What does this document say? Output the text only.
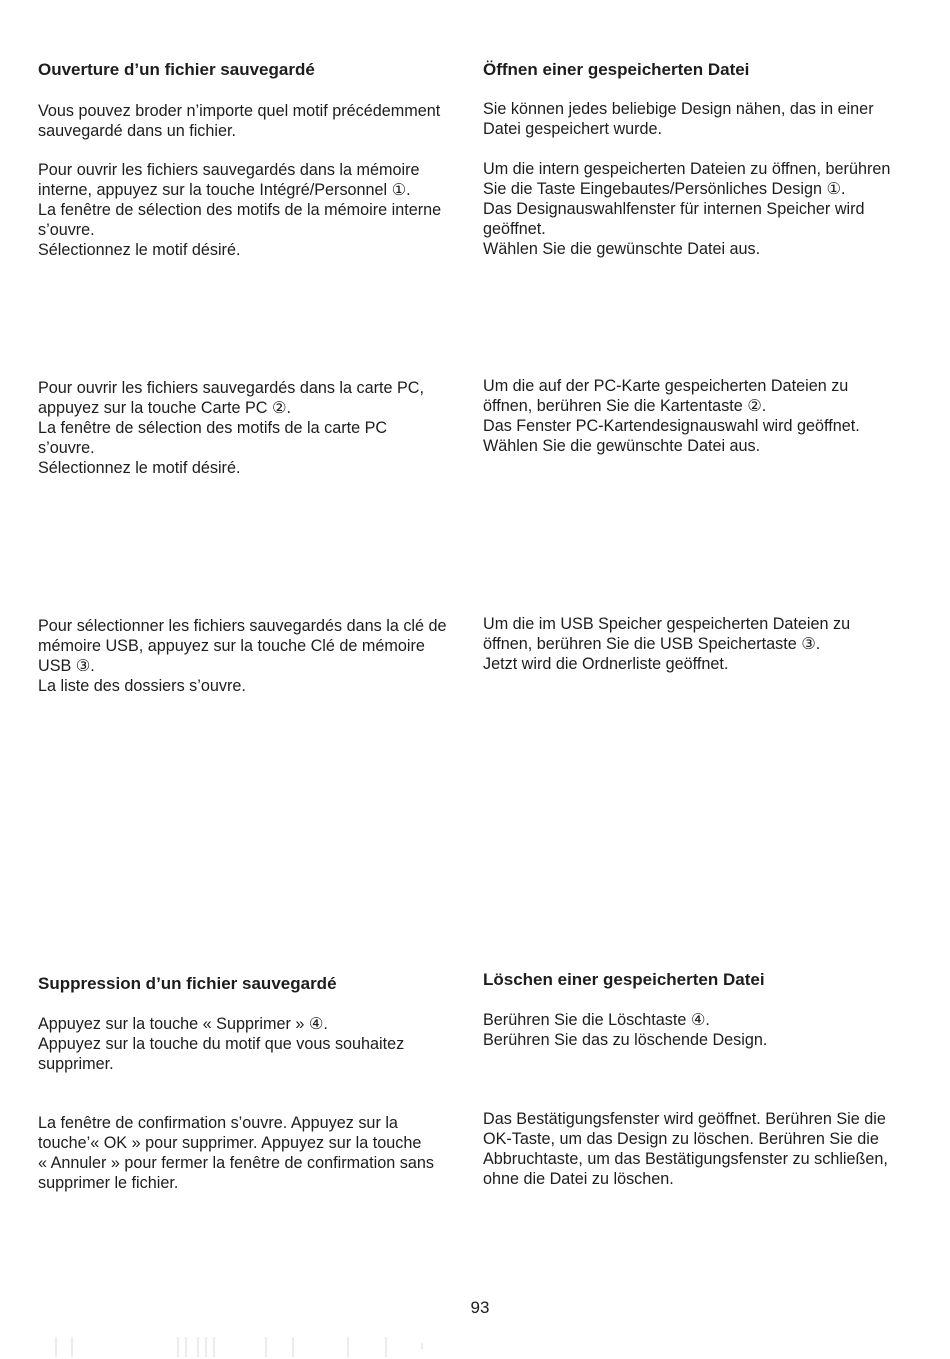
Ouverture d’un fichier sauvegardé
Vous pouvez broder n’importe quel motif précédemment
sauvegardé dans un fichier.
Pour ouvrir les fichiers sauvegardés dans la mémoire
interne, appuyez sur la touche Intégré/Personnel ①.
La fenêtre de sélection des motifs de la mémoire interne
s’ouvre.
Sélectionnez le motif désiré.
Pour ouvrir les fichiers sauvegardés dans la carte PC,
appuyez sur la touche Carte PC ②.
La fenêtre de sélection des motifs de la carte PC
s’ouvre.
Sélectionnez le motif désiré.
Pour sélectionner les fichiers sauvegardés dans la clé de
mémoire USB, appuyez sur la touche Clé de mémoire
USB ③.
La liste des dossiers s’ouvre.
Suppression d’un fichier sauvegardé
Appuyez sur la touche « Supprimer » ④.
Appuyez sur la touche du motif que vous souhaitez
supprimer.
La fenêtre de confirmation s’ouvre. Appuyez sur la
touche’« OK » pour supprimer. Appuyez sur la touche
« Annuler » pour fermer la fenêtre de confirmation sans
supprimer le fichier.
Öffnen einer gespeicherten Datei
Sie können jedes beliebige Design nähen, das in einer
Datei gespeichert wurde.
Um die intern gespeicherten Dateien zu öffnen, berühren
Sie die Taste Eingebautes/Persönliches Design ①.
Das Designauswahlfenster für internen Speicher wird
geöffnet.
Wählen Sie die gewünschte Datei aus.
Um die auf der PC-Karte gespeicherten Dateien zu
öffnen, berühren Sie die Kartentaste ②.
Das Fenster PC-Kartendesignauswahl wird geöffnet.
Wählen Sie die gewünschte Datei aus.
Um die im USB Speicher gespeicherten Dateien zu
öffnen, berühren Sie die USB Speichertaste ③.
Jetzt wird die Ordnerliste geöffnet.
Löschen einer gespeicherten Datei
Berühren Sie die Löschtaste ④.
Berühren Sie das zu löschende Design.
Das Bestätigungsfenster wird geöffnet. Berühren Sie die
OK-Taste, um das Design zu löschen. Berühren Sie die
Abbruchtaste, um das Bestätigungsfenster zu schließen,
ohne die Datei zu löschen.
93
